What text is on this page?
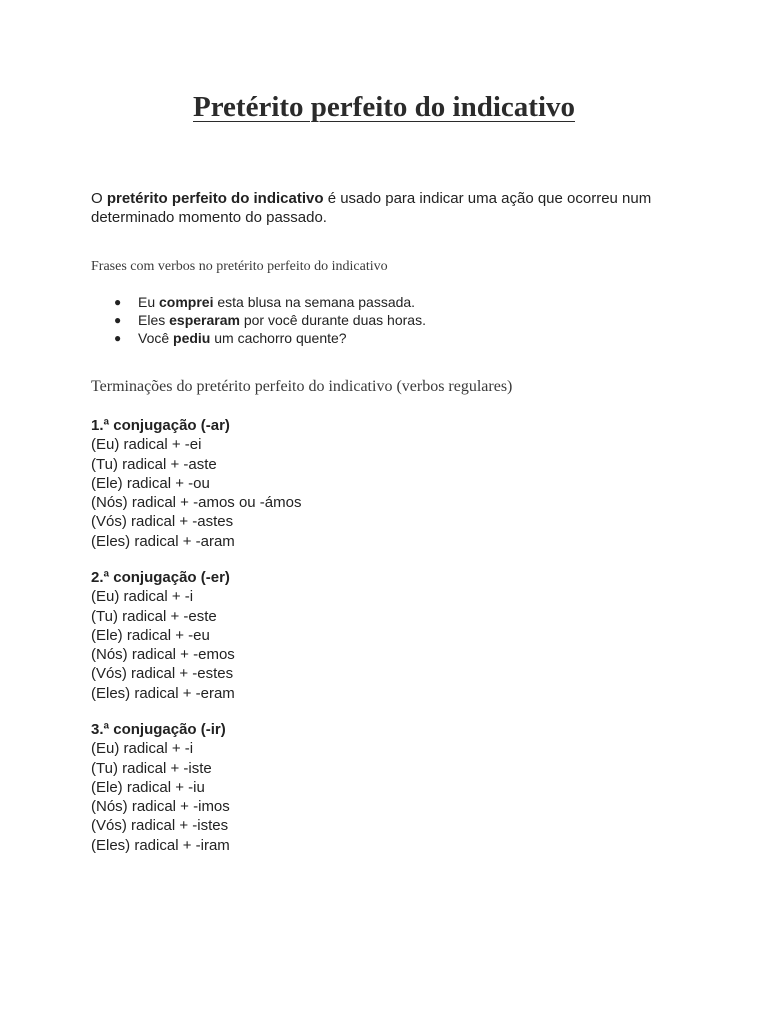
Pretérito perfeito do indicativo

O pretérito perfeito do indicativo é usado para indicar uma ação que ocorreu num determinado momento do passado.

Frases com verbos no pretérito perfeito do indicativo

● Eu comprei esta blusa na semana passada.
● Eles esperaram por você durante duas horas.
● Você pediu um cachorro quente?

Terminações do pretérito perfeito do indicativo (verbos regulares)

1.ª conjugação (-ar)
(Eu) radical + -ei
(Tu) radical + -aste
(Ele) radical + -ou
(Nós) radical + -amos ou -ámos
(Vós) radical + -astes
(Eles) radical + -aram
2.ª conjugação (-er)
(Eu) radical + -i
(Tu) radical + -este
(Ele) radical + -eu
(Nós) radical + -emos
(Vós) radical + -estes
(Eles) radical + -eram
3.ª conjugação (-ir)
(Eu) radical + -i
(Tu) radical + -iste
(Ele) radical + -iu
(Nós) radical + -imos
(Vós) radical + -istes
(Eles) radical + -iram
